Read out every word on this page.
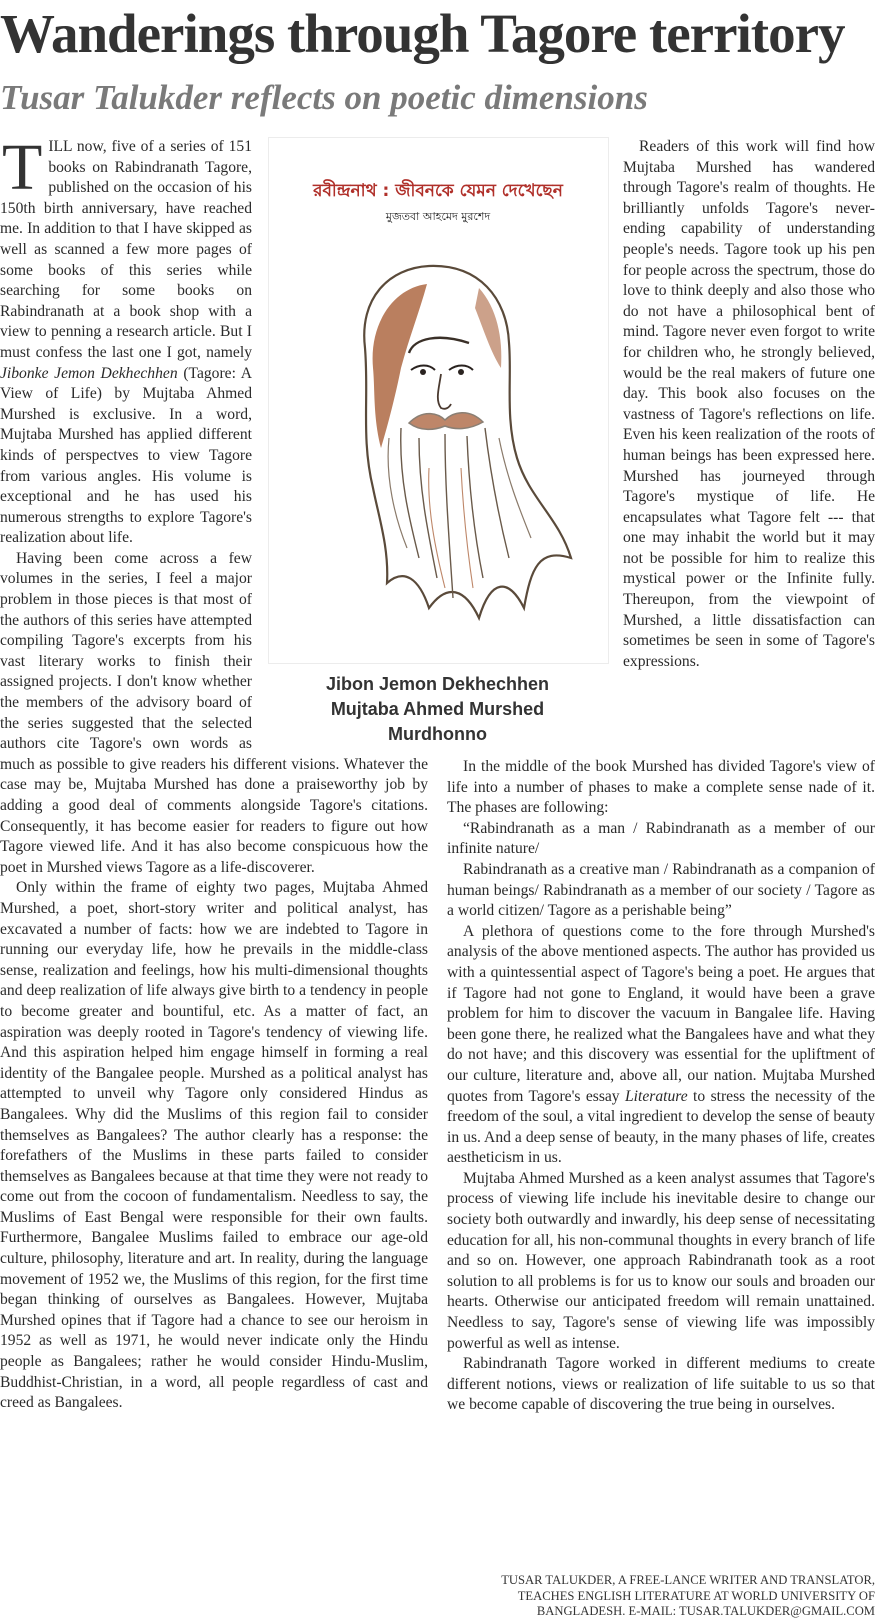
Wanderings through Tagore territory
Tusar Talukder reflects on poetic dimensions

TILL now, five of a series of 151 books on Rabindranath Tagore, published on the occasion of his 150th birth anniversary, have reached me. In addition to that I have skipped as well as scanned a few more pages of some books of this series while searching for some books on Rabindranath at a book shop with a view to penning a research article. But I must confess the last one I got, namely Jibonke Jemon Dekhechhen (Tagore: A View of Life) by Mujtaba Ahmed Murshed is exclusive. In a word, Mujtaba Murshed has applied different kinds of perspectves to view Tagore from various angles. His volume is exceptional and he has used his numerous strengths to explore Tagore's realization about life.

Having been come across a few volumes in the series, I feel a major problem in those pieces is that most of the authors of this series have attempted compiling Tagore's excerpts from his vast literary works to finish their assigned projects. I don't know whether the members of the advisory board of the series suggested that the selected authors cite Tagore's own words as much as possible to give readers his different visions. Whatever the case may be, Mujtaba Murshed has done a praiseworthy job by adding a good deal of comments alongside Tagore's citations. Consequently, it has become easier for readers to figure out how Tagore viewed life. And it has also become conspicuous how the poet in Murshed views Tagore as a life-discoverer.

Only within the frame of eighty two pages, Mujtaba Ahmed Murshed, a poet, short-story writer and political analyst, has excavated a number of facts: how we are indebted to Tagore in running our everyday life, how he prevails in the middle-class sense, realization and feelings, how his multi-dimensional thoughts and deep realization of life always give birth to a tendency in people to become greater and bountiful, etc. As a matter of fact, an aspiration was deeply rooted in Tagore's tendency of viewing life. And this aspiration helped him engage himself in forming a real identity of the Bangalee people. Murshed as a political analyst has attempted to unveil why Tagore only considered Hindus as Bangalees. Why did the Muslims of this region fail to consider themselves as Bangalees? The author clearly has a response: the forefathers of the Muslims in these parts failed to consider themselves as Bangalees because at that time they were not ready to come out from the cocoon of fundamentalism. Needless to say, the Muslims of East Bengal were responsible for their own faults. Furthermore, Bangalee Muslims failed to embrace our age-old culture, philosophy, literature and art. In reality, during the language movement of 1952 we, the Muslims of this region, for the first time began thinking of ourselves as Bangalees. However, Mujtaba Murshed opines that if Tagore had a chance to see our heroism in 1952 as well as 1971, he would never indicate only the Hindu people as Bangalees; rather he would consider Hindu-Muslim, Buddhist-Christian, in a word, all people regardless of cast and creed as Bangalees.

রবীন্দ্রনাথ : জীবনকে যেমন দেখেছেন
মুজতবা আহমেদ মুরশেদ
Jibon Jemon Dekhechhen
Mujtaba Ahmed Murshed
Murdhonno

Readers of this work will find how Mujtaba Murshed has wandered through Tagore's realm of thoughts. He brilliantly unfolds Tagore's never-ending capability of understanding people's needs. Tagore took up his pen for people across the spectrum, those do love to think deeply and also those who do not have a philosophical bent of mind. Tagore never even forgot to write for children who, he strongly believed, would be the real makers of future one day. This book also focuses on the vastness of Tagore's reflections on life. Even his keen realization of the roots of human beings has been expressed here. Murshed has journeyed through Tagore's mystique of life. He encapsulates what Tagore felt --- that one may inhabit the world but it may not be possible for him to realize this mystical power or the Infinite fully. Thereupon, from the viewpoint of Murshed, a little dissatisfaction can sometimes be seen in some of Tagore's expressions.

In the middle of the book Murshed has divided Tagore's view of life into a number of phases to make a complete sense nade of it. The phases are following:

“Rabindranath as a man / Rabindranath as a member of our infinite nature/

Rabindranath as a creative man / Rabindranath as a companion of human beings/ Rabindranath as a member of our society / Tagore as a world citizen/ Tagore as a perishable being”

A plethora of questions come to the fore through Murshed's analysis of the above mentioned aspects. The author has provided us with a quintessential aspect of Tagore's being a poet. He argues that if Tagore had not gone to England, it would have been a grave problem for him to discover the vacuum in Bangalee life. Having been gone there, he realized what the Bangalees have and what they do not have; and this discovery was essential for the upliftment of our culture, literature and, above all, our nation. Mujtaba Murshed quotes from Tagore's essay Literature to stress the necessity of the freedom of the soul, a vital ingredient to develop the sense of beauty in us. And a deep sense of beauty, in the many phases of life, creates aestheticism in us.

Mujtaba Ahmed Murshed as a keen analyst assumes that Tagore's process of viewing life include his inevitable desire to change our society both outwardly and inwardly, his deep sense of necessitating education for all, his non-communal thoughts in every branch of life and so on. However, one approach Rabindranath took as a root solution to all problems is for us to know our souls and broaden our hearts. Otherwise our anticipated freedom will remain unattained. Needless to say, Tagore's sense of viewing life was impossibly powerful as well as intense.

Rabindranath Tagore worked in different mediums to create different notions, views or realization of life suitable to us so that we become capable of discovering the true being in ourselves.

TUSAR TALUKDER, A FREE-LANCE WRITER AND TRANSLATOR, TEACHES ENGLISH LITERATURE AT WORLD UNIVERSITY OF BANGLADESH. E-MAIL: TUSAR.TALUKDER@GMAIL.COM
